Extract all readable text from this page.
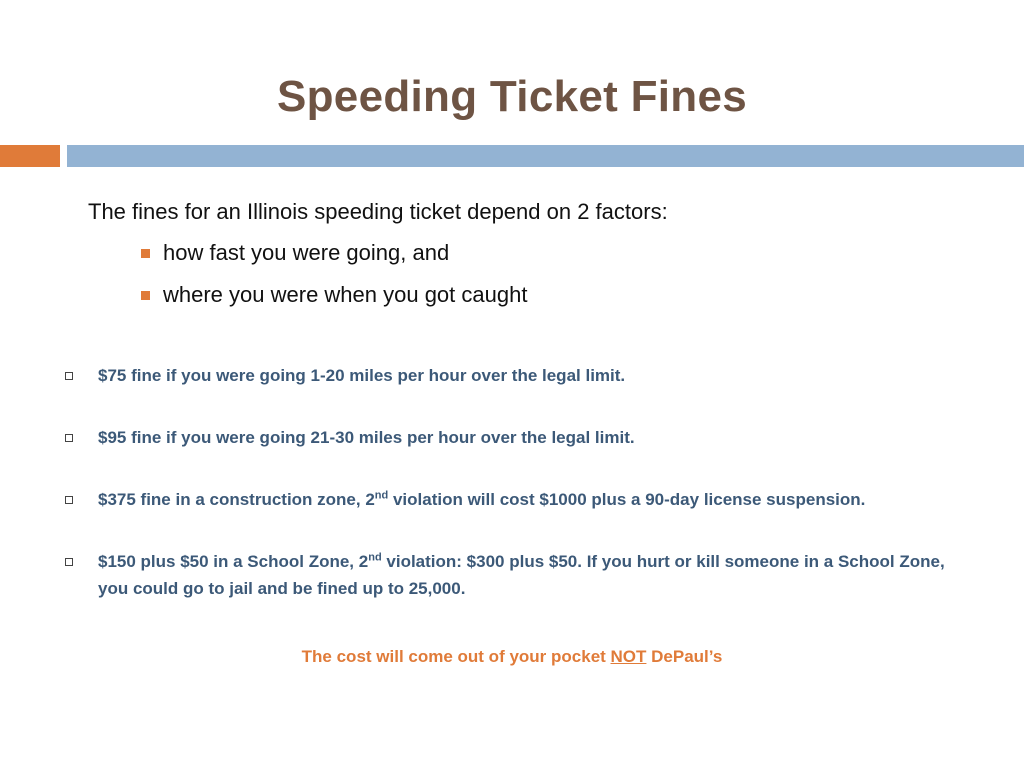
Speeding Ticket Fines
The fines for an Illinois speeding ticket depend on 2 factors:
how fast you were going, and
where you were when you got caught
$75 fine if you were going 1-20 miles per hour over the legal limit.
$95 fine if you were going 21-30 miles per hour over the legal limit.
$375 fine in a construction zone, 2nd violation will cost $1000 plus a 90-day license suspension.
$150 plus $50 in a School Zone, 2nd violation: $300 plus $50. If you hurt or kill someone in a School Zone, you could go to jail and be fined up to 25,000.
The cost will come out of your pocket NOT DePaul’s
